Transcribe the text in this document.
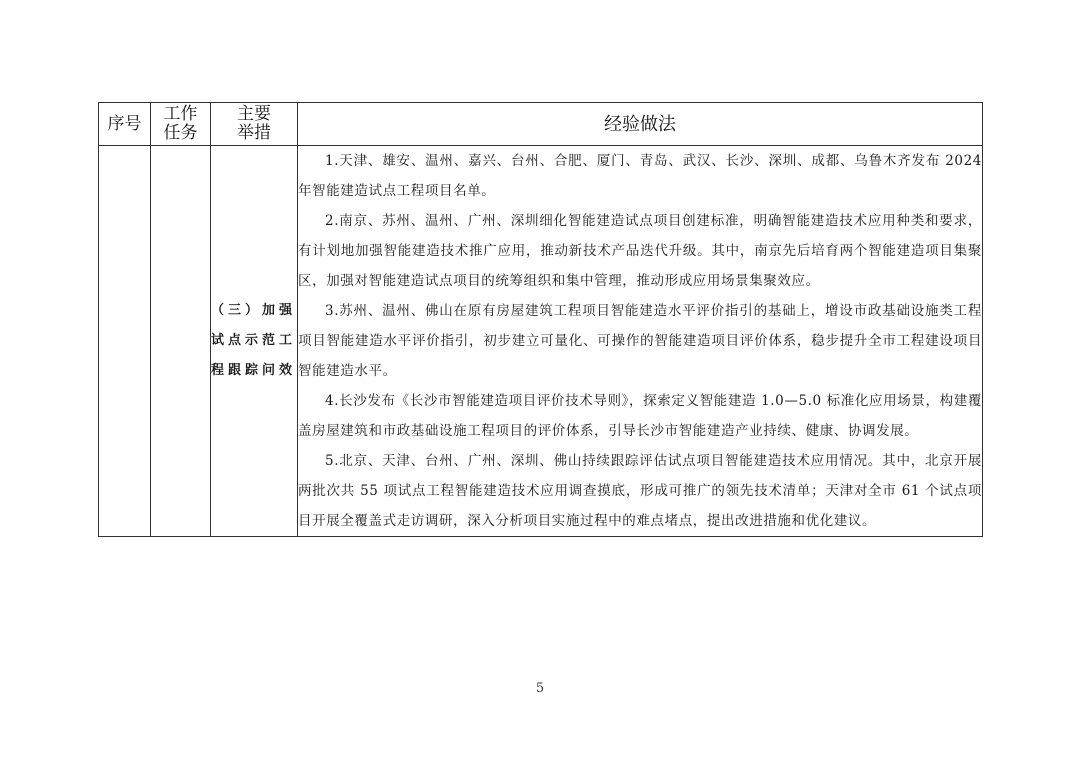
序号	工作任务	主要举措	经验做法
		（三）加强试点示范工程跟踪问效	1.天津、雄安、温州、嘉兴、台州、合肥、厦门、青岛、武汉、长沙、深圳、成都、乌鲁木齐发布 2024 年智能建造试点工程项目名单。

2.南京、苏州、温州、广州、深圳细化智能建造试点项目创建标准，明确智能建造技术应用种类和要求，有计划地加强智能建造技术推广应用，推动新技术产品迭代升级。其中，南京先后培育两个智能建造项目集聚区，加强对智能建造试点项目的统筹组织和集中管理，推动形成应用场景集聚效应。

3.苏州、温州、佛山在原有房屋建筑工程项目智能建造水平评价指引的基础上，增设市政基础设施类工程项目智能建造水平评价指引，初步建立可量化、可操作的智能建造项目评价体系，稳步提升全市工程建设项目智能建造水平。

4.长沙发布《长沙市智能建造项目评价技术导则》，探索定义智能建造 1.0—5.0 标准化应用场景，构建覆盖房屋建筑和市政基础设施工程项目的评价体系，引导长沙市智能建造产业持续、健康、协调发展。

5.北京、天津、台州、广州、深圳、佛山持续跟踪评估试点项目智能建造技术应用情况。其中，北京开展两批次共 55 项试点工程智能建造技术应用调查摸底，形成可推广的领先技术清单；天津对全市 61 个试点项目开展全覆盖式走访调研，深入分析项目实施过程中的难点堵点，提出改进措施和优化建议。

5
